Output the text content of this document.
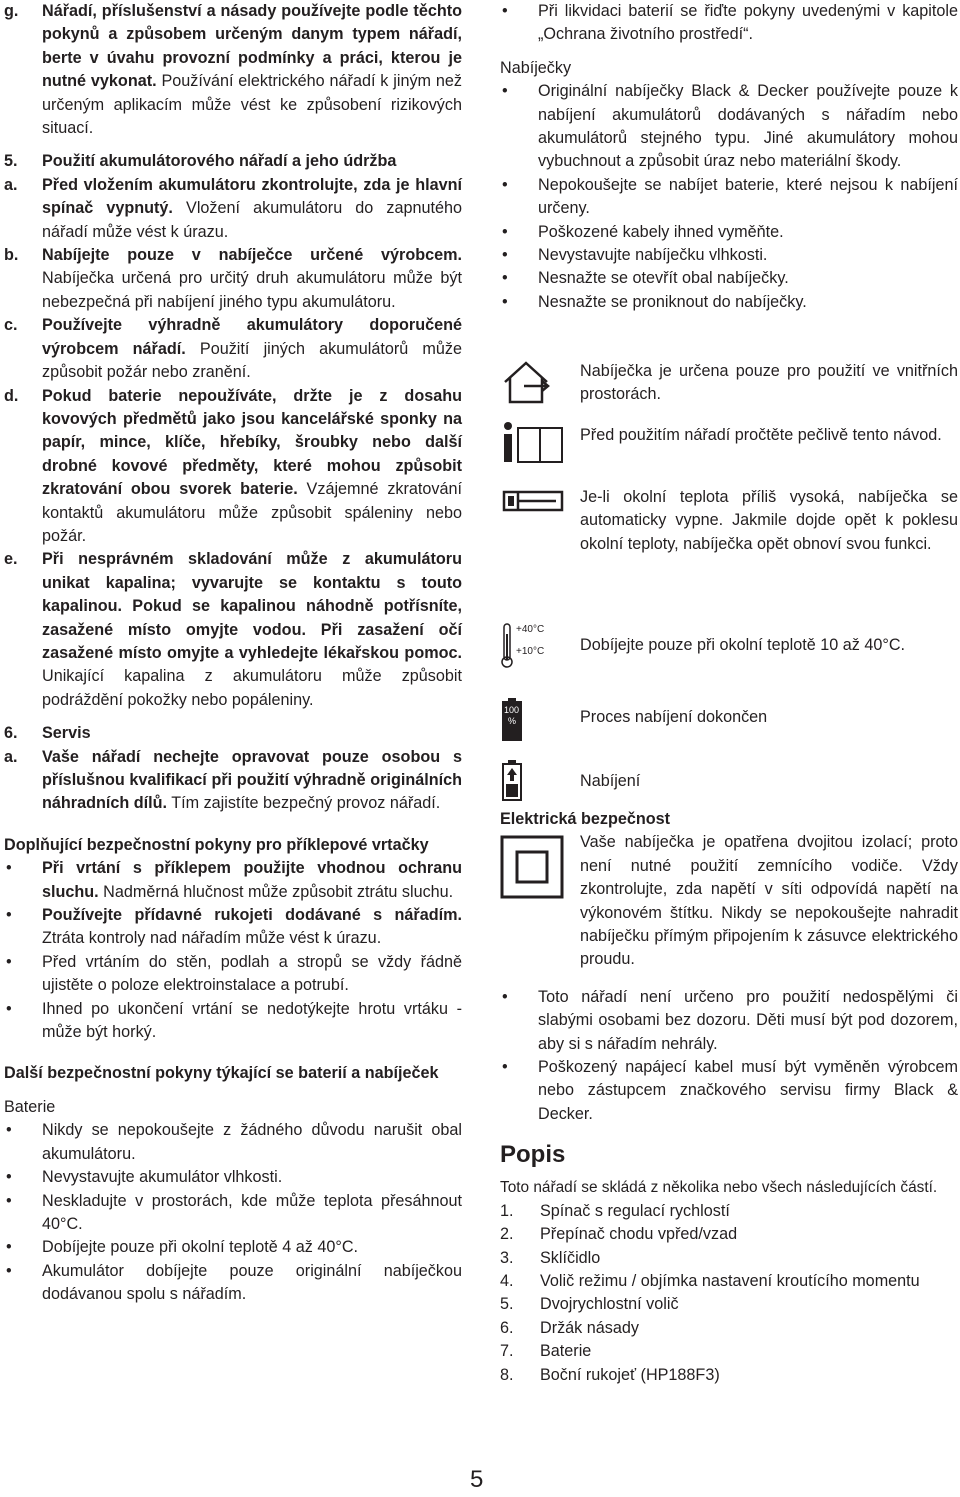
g.	Nářadí, příslušenství a násady používejte podle těchto pokynů a způsobem určeným danym typem nářadí, berte v úvahu provozní podmínky a práci, kterou je nutné vykonat. Používání elektrického nářadí k jiným než určeným aplikacím může vést ke způsobení rizikových situací.
5.	Použití akumulátorového nářadí a jeho údržba
a.	Před vložením akumulátoru zkontrolujte, zda je hlavní spínač vypnutý. Vložení akumulátoru do zapnutého nářadí může vést k úrazu.
b.	Nabíjejte pouze v nabíječce určené výrobcem. Nabíječka určená pro určitý druh akumulátoru může být nebezpečná při nabíjení jiného typu akumulátoru.
c.	Používejte výhradně akumulátory doporučené výrobcem nářadí. Použití jiných akumulátorů může způsobit požár nebo zranění.
d.	Pokud baterie nepoužíváte, držte je z dosahu kovových předmětů jako jsou kancelářské sponky na papír, mince, klíče, hřebíky, šroubky nebo další drobné kovové předměty, které mohou způsobit zkratování obou svorek baterie. Vzájemné zkratování kontaktů akumulátoru může způsobit spáleniny nebo požár.
e.	Při nesprávném skladování může z akumulátoru unikat kapalina; vyvarujte se kontaktu s touto kapalinou. Pokud se kapalinou náhodně potřísníte, zasažené místo omyjte vodou. Při zasažení očí zasažené místo omyjte a vyhledejte lékařskou pomoc. Unikající kapalina z akumulátoru může způsobit podráždění pokožky nebo popáleniny.
6.	Servis
a.	Vaše nářadí nechejte opravovat pouze osobou s příslušnou kvalifikací při použití výhradně originálních náhradních dílů. Tím zajistíte bezpečný provoz nářadí.
Doplňující bezpečnostní pokyny pro příklepové vrtačky
•	Při vrtání s příklepem použijte vhodnou ochranu sluchu. Nadměrná hlučnost může způsobit ztrátu sluchu.
•	Používejte přídavné rukojeti dodávané s nářadím. Ztráta kontroly nad nářadím může vést k úrazu.
•	Před vrtáním do stěn, podlah a stropů se vždy řádně ujistěte o poloze elektroinstalace a potrubí.
•	Ihned po ukončení vrtání se nedotýkejte hrotu vrtáku - může být horký.
Další bezpečnostní pokyny týkající se baterií a nabíječek
Baterie
•	Nikdy se nepokoušejte z žádného důvodu narušit obal akumulátoru.
•	Nevystavujte akumulátor vlhkosti.
•	Neskladujte v prostorách, kde může teplota přesáhnout 40°C.
•	Dobíjejte pouze při okolní teplotě 4 až 40°C.
•	Akumulátor dobíjejte pouze originální nabíječkou dodávanou spolu s nářadím.
•	Při likvidaci baterií se řiďte pokyny uvedenými v kapitole „Ochrana životního prostředí“.
Nabíječky
•	Originální nabíječky Black & Decker používejte pouze k nabíjení akumulátorů dodávaných s nářadím nebo akumulátorů stejného typu. Jiné akumulátory mohou vybuchnout a způsobit úraz nebo materiální škody.
•	Nepokoušejte se nabíjet baterie, které nejsou k nabíjení určeny.
•	Poškozené kabely ihned vyměňte.
•	Nevystavujte nabíječku vlhkosti.
•	Nesnažte se otevřít obal nabíječky.
•	Nesnažte se proniknout do nabíječky.
Nabíječka je určena pouze pro použití ve vnitřních prostorách.
Před použitím nářadí pročtěte pečlivě tento návod.
Je-li okolní teplota příliš vysoká, nabíječka se automaticky vypne. Jakmile dojde opět k poklesu okolní teploty, nabíječka opět obnoví svou funkci.
+40°C
+10°C Dobíjejte pouze při okolní teplotě 10 až 40°C.
100
%	Proces nabíjení dokončen
Nabíjení
Elektrická bezpečnost
Vaše nabíječka je opatřena dvojitou izolací; proto není nutné použití zemnícího vodiče. Vždy zkontrolujte, zda napětí v síti odpovídá napětí na výkonovém štítku. Nikdy se nepokoušejte nahradit nabíječku přímým připojením k zásuvce elektrického proudu.
•	Toto nářadí není určeno pro použití nedospělými či slabými osobami bez dozoru. Děti musí být pod dozorem, aby si s nářadím nehrály.
•	Poškozený napájecí kabel musí být vyměněn výrobcem nebo zástupcem značkového servisu firmy Black & Decker.
Popis
Toto nářadí se skládá z několika nebo všech následujících částí.
1.	Spínač s regulací rychlostí
2.	Přepínač chodu vpřed/vzad
3.	Sklíčidlo
4.	Volič režimu / objímka nastavení kroutícího momentu
5.	Dvojrychlostní volič
6.	Držák násady
7.	Baterie
8.	Boční rukojeť (HP188F3)
5
